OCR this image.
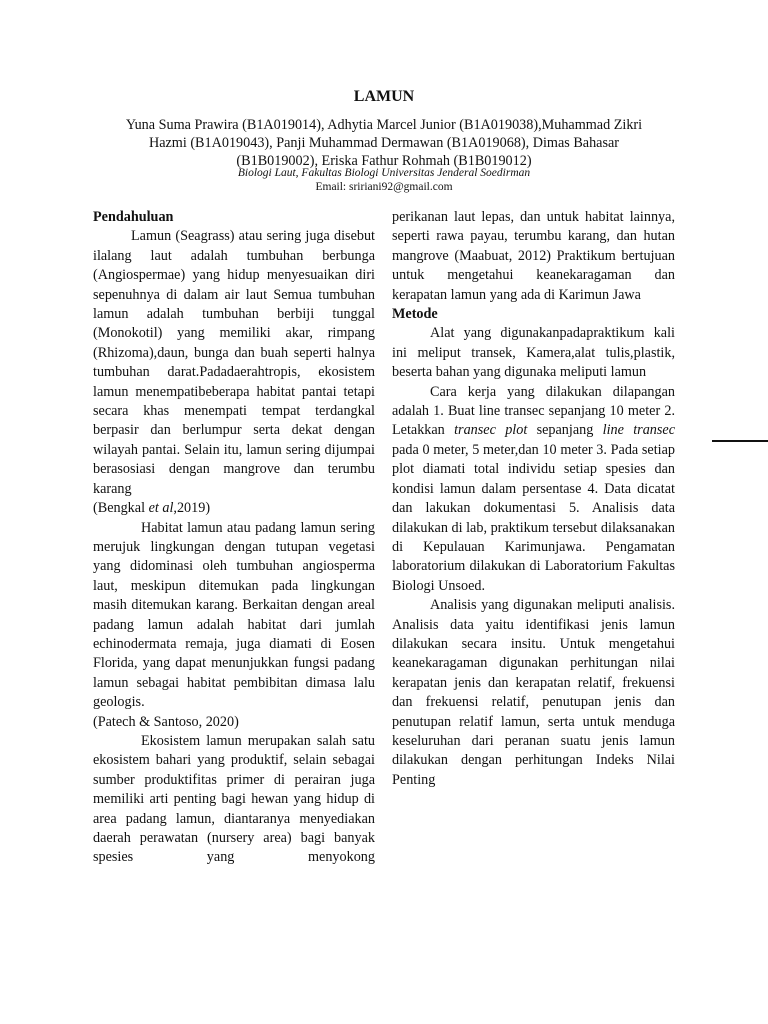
LAMUN
Yuna Suma Prawira (B1A019014), Adhytia Marcel Junior (B1A019038),Muhammad Zikri
Hazmi (B1A019043), Panji Muhammad Dermawan (B1A019068), Dimas Bahasar
(B1B019002), Eriska Fathur Rohmah (B1B019012)
Biologi Laut, Fakultas Biologi Universitas Jenderal Soedirman
Email: sririani92@gmail.com
Pendahuluan

Lamun (Seagrass) atau sering juga disebut ilalang laut adalah tumbuhan berbunga (Angiospermae) yang hidup menyesuaikan diri sepenuhnya di dalam air laut Semua tumbuhan lamun adalah tumbuhan berbiji tunggal (Monokotil) yang memiliki akar, rimpang (Rhizoma),daun, bunga dan buah seperti halnya tumbuhan darat.Padadaerahtropis, ekosistem lamun menempatibeberapa habitat pantai tetapi secara khas menempati tempat terdangkal berpasir dan berlumpur serta dekat dengan wilayah pantai. Selain itu, lamun sering dijumpai berasosiasi dengan mangrove dan terumbu karang

(Bengkal et al,2019)

Habitat lamun atau padang lamun sering merujuk lingkungan dengan tutupan vegetasi yang didominasi oleh tumbuhan angiosperma laut, meskipun ditemukan pada lingkungan masih ditemukan karang. Berkaitan dengan areal padang lamun adalah habitat dari jumlah echinodermata remaja, juga diamati di Eosen Florida, yang dapat menunjukkan fungsi padang lamun sebagai habitat pembibitan dimasa lalu geologis.

(Patech & Santoso, 2020)

Ekosistem lamun merupakan salah satu ekosistem bahari yang produktif, selain sebagai sumber produktifitas primer di perairan juga memiliki arti penting bagi hewan yang hidup di area padang lamun, diantaranya menyediakan daerah perawatan (nursery area) bagi banyak spesies yang menyokong

perikanan laut lepas, dan untuk habitat lainnya, seperti rawa payau, terumbu karang, dan hutan mangrove (Maabuat, 2012) Praktikum bertujuan untuk mengetahui keanekaragaman dan kerapatan lamun yang ada di Karimun Jawa

Metode

Alat yang digunakanpadapraktikum kali ini meliput transek, Kamera,alat tulis,plastik, beserta bahan yang digunaka meliputi lamun

Cara kerja yang dilakukan dilapangan adalah 1. Buat line transec sepanjang 10 meter 2. Letakkan transec plot sepanjang line transec pada 0 meter, 5 meter,dan 10 meter 3. Pada setiap plot diamati total individu setiap spesies dan kondisi lamun dalam persentase 4. Data dicatat dan lakukan dokumentasi 5. Analisis data dilakukan di lab, praktikum tersebut dilaksanakan di Kepulauan Karimunjawa. Pengamatan laboratorium dilakukan di Laboratorium Fakultas Biologi Unsoed.

Analisis yang digunakan meliputi analisis. Analisis data yaitu identifikasi jenis lamun dilakukan secara insitu. Untuk mengetahui keanekaragaman digunakan perhitungan nilai kerapatan jenis dan kerapatan relatif, frekuensi dan frekuensi relatif, penutupan jenis dan penutupan relatif lamun, serta untuk menduga keseluruhan dari peranan suatu jenis lamun dilakukan dengan perhitungan Indeks Nilai Penting
